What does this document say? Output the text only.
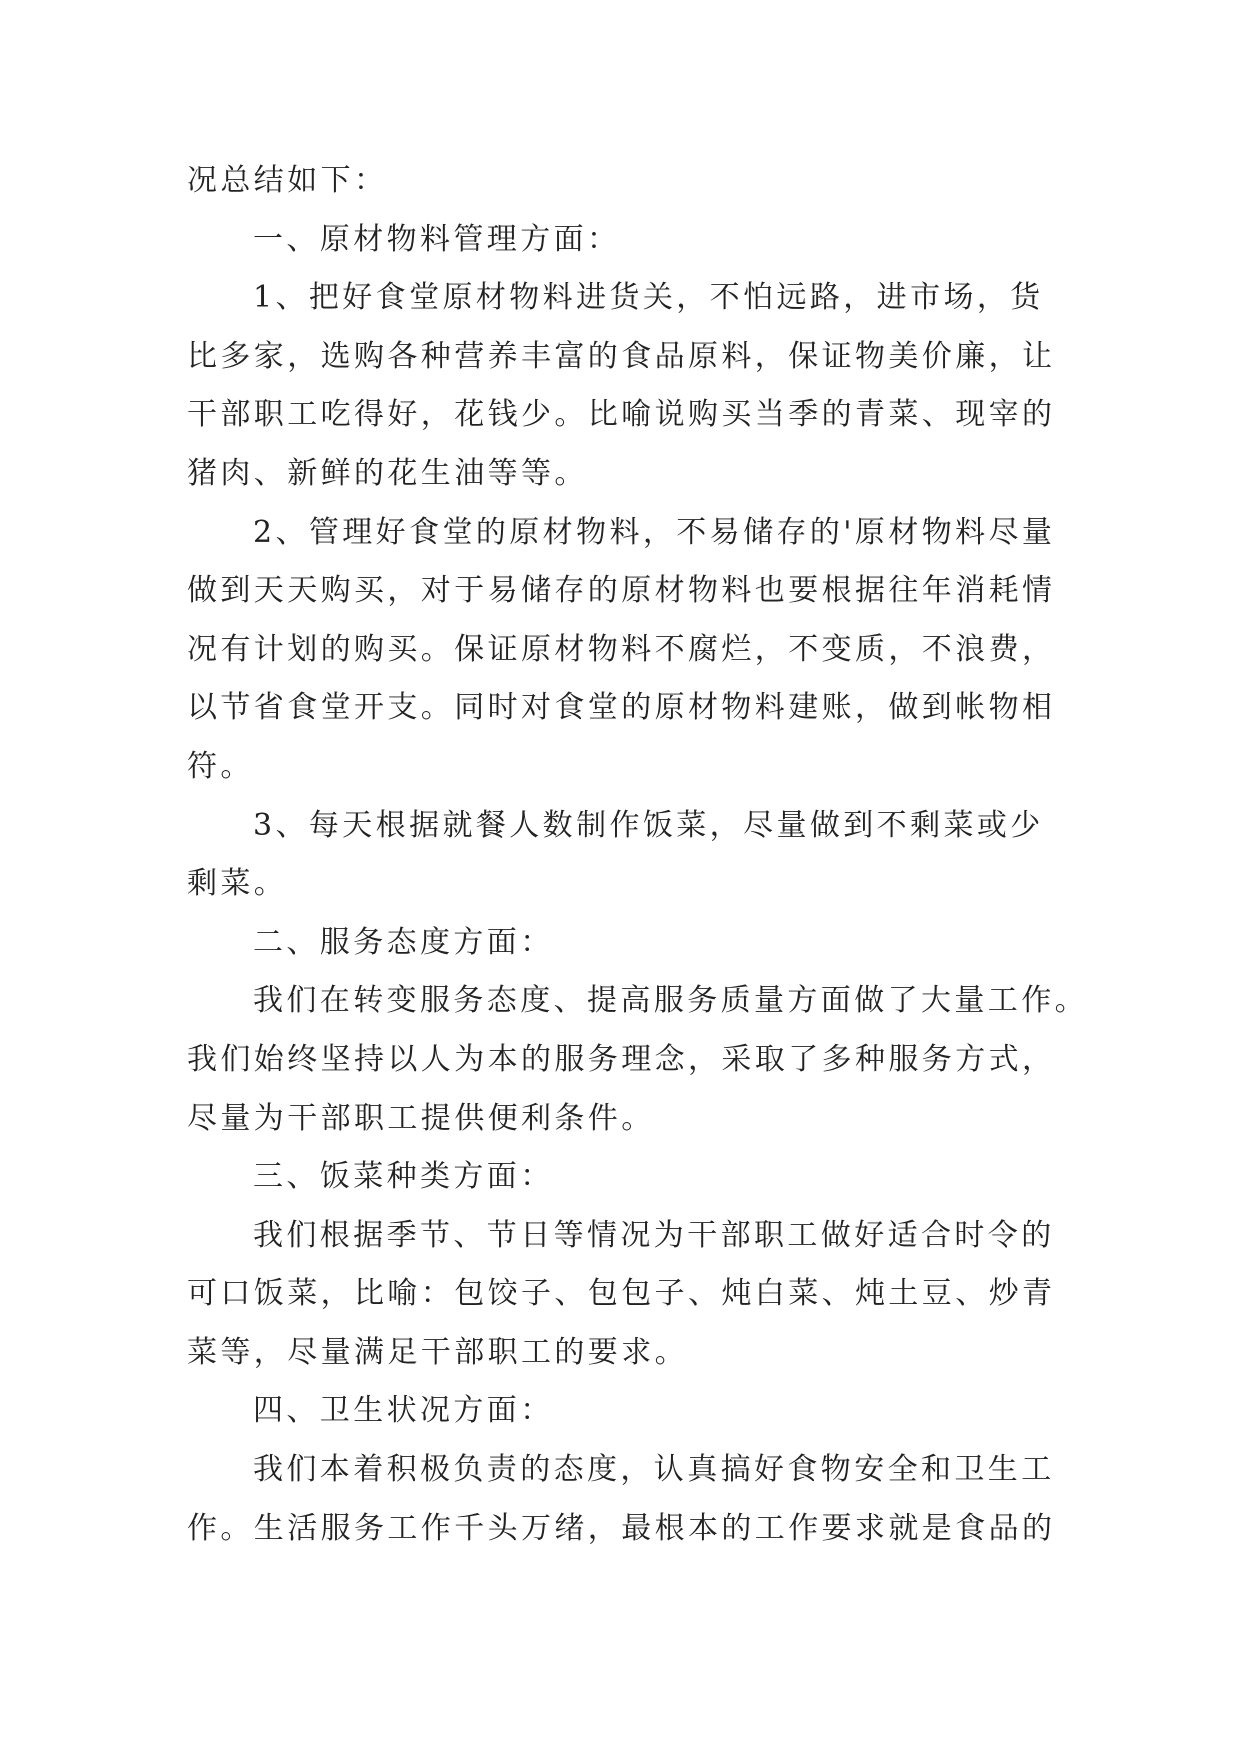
况总结如下：
一、原材物料管理方面：
1、把好食堂原材物料进货关，不怕远路，进市场，货
比多家，选购各种营养丰富的食品原料，保证物美价廉，让
干部职工吃得好，花钱少。比喻说购买当季的青菜、现宰的
猪肉、新鲜的花生油等等。
2、管理好食堂的原材物料，不易储存的'原材物料尽量
做到天天购买，对于易储存的原材物料也要根据往年消耗情
况有计划的购买。保证原材物料不腐烂，不变质，不浪费，
以节省食堂开支。同时对食堂的原材物料建账，做到帐物相
符。
3、每天根据就餐人数制作饭菜，尽量做到不剩菜或少
剩菜。
二、服务态度方面：
我们在转变服务态度、提高服务质量方面做了大量工作。
我们始终坚持以人为本的服务理念，采取了多种服务方式，
尽量为干部职工提供便利条件。
三、饭菜种类方面：
我们根据季节、节日等情况为干部职工做好适合时令的
可口饭菜，比喻：包饺子、包包子、炖白菜、炖土豆、炒青
菜等，尽量满足干部职工的要求。
四、卫生状况方面：
我们本着积极负责的态度，认真搞好食物安全和卫生工
作。生活服务工作千头万绪，最根本的工作要求就是食品的
